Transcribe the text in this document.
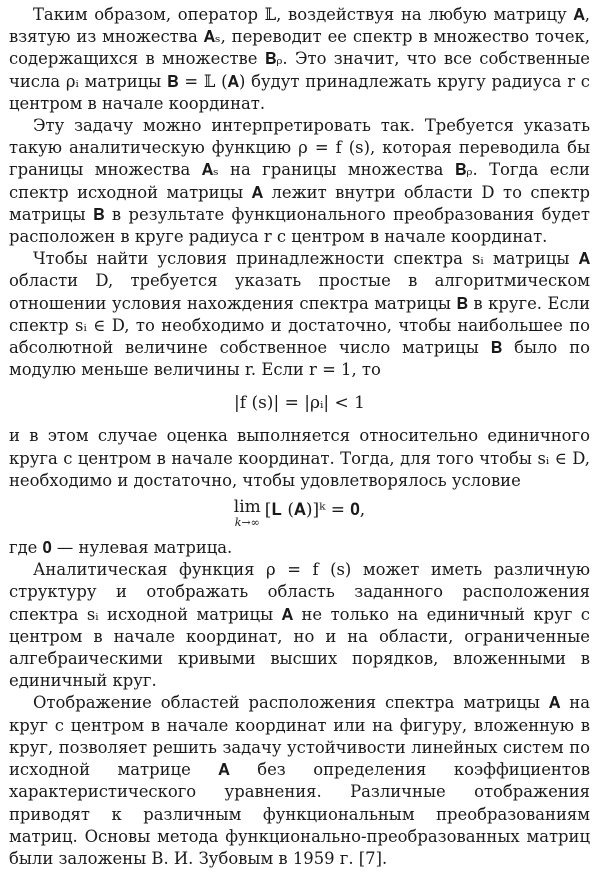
Таким образом, оператор 𝕃, воздействуя на любую матрицу 𝐀, взятую из множества 𝐀ₛ, переводит ее спектр в множество точек, содержащихся в множестве 𝐁ᵨ. Это значит, что все собственные числа ρᵢ матрицы 𝐁 = 𝕃 (𝐀) будут принадлежать кругу радиуса r с центром в начале координат.

Эту задачу можно интерпретировать так. Требуется указать такую аналитическую функцию ρ = f (s), которая переводила бы границы множества 𝐀ₛ на границы множества 𝐁ᵨ. Тогда если спектр исходной матрицы 𝐀 лежит внутри области D то спектр матрицы 𝐁 в результате функционального преобразования будет расположен в круге радиуса r с центром в начале координат.

Чтобы найти условия принадлежности спектра sᵢ матрицы 𝐀 области D, требуется указать простые в алгоритмическом отношении условия нахождения спектра матрицы 𝐁 в круге. Если спектр sᵢ ∈ D, то необходимо и достаточно, чтобы наибольшее по абсолютной величине собственное число матрицы 𝐁 было по модулю меньше величины r. Если r = 1, то

|f (s)| = |ρᵢ| < 1

и в этом случае оценка выполняется относительно единичного круга с центром в начале координат. Тогда, для того чтобы sᵢ ∈ D, необходимо и достаточно, чтобы удовлетворялось условие

lim
k→∞
[𝐋 (𝐀)]ᵏ = 𝟎,

где 𝟎 — нулевая матрица.

Аналитическая функция ρ = f (s) может иметь различную структуру и отображать область заданного расположения спектра sᵢ исходной матрицы 𝐀 не только на единичный круг с центром в начале координат, но и на области, ограниченные алгебраическими кривыми высших порядков, вложенными в единичный круг.

Отображение областей расположения спектра матрицы 𝐀 на круг с центром в начале координат или на фигуру, вложенную в круг, позволяет решить задачу устойчивости линейных систем по исходной матрице 𝐀 без определения коэффициентов характеристического уравнения. Различные отображения приводят к различным функциональным преобразованиям матриц. Основы метода функционально-преобразованных матриц были заложены В. И. Зубовым в 1959 г. [7].
